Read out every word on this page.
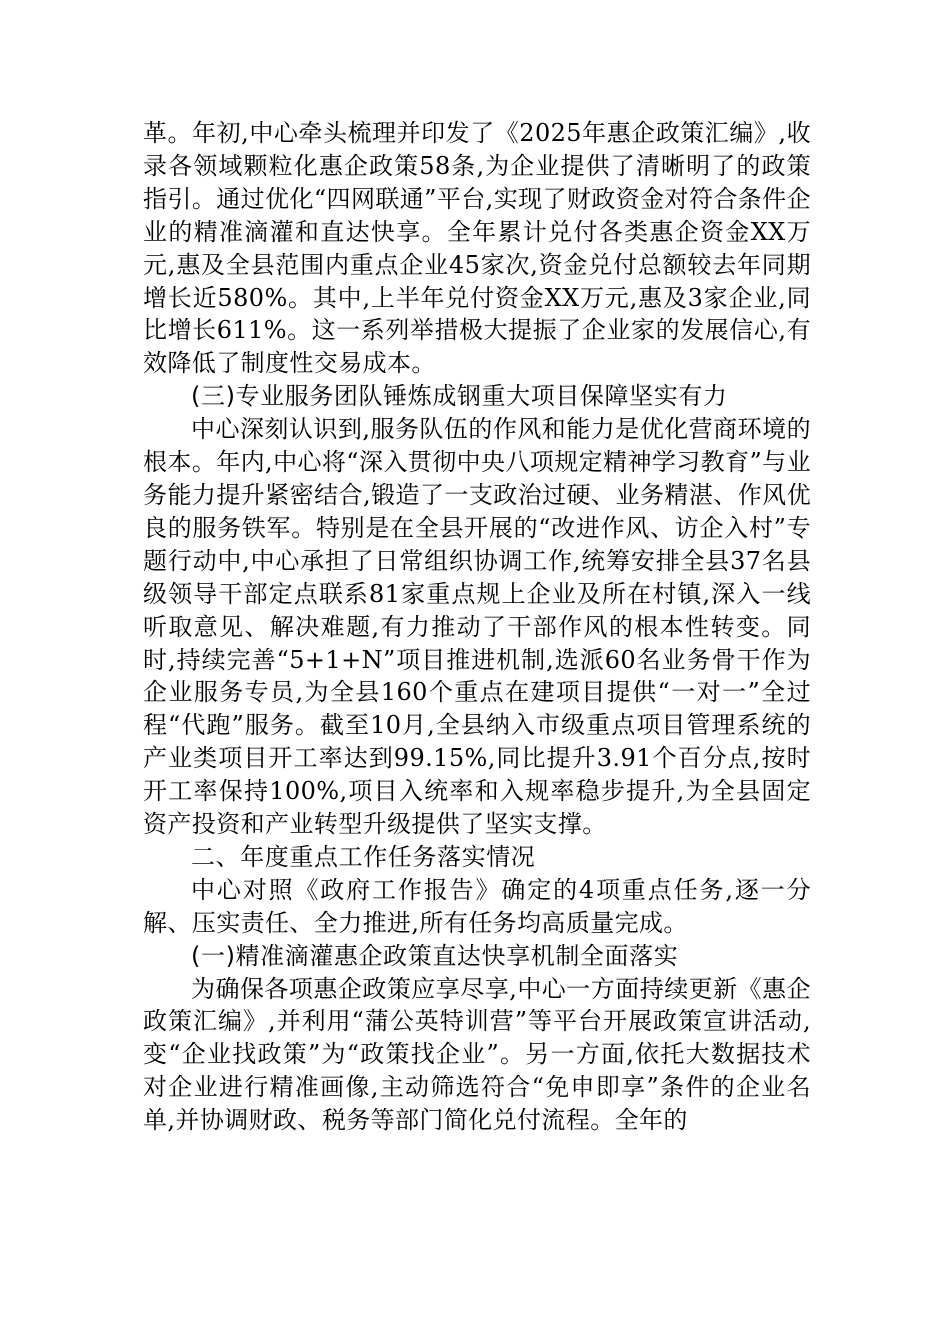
革。年初,中心牵头梳理并印发了《2025年惠企政策汇编》,收录各领域颗粒化惠企政策58条,为企业提供了清晰明了的政策指引。通过优化“四网联通”平台,实现了财政资金对符合条件企业的精准滴灌和直达快享。全年累计兑付各类惠企资金XX万元,惠及全县范围内重点企业45家次,资金兑付总额较去年同期增长近580%。其中,上半年兑付资金XX万元,惠及3家企业,同比增长611%。这一系列举措极大提振了企业家的发展信心,有效降低了制度性交易成本。

(三)专业服务团队锤炼成钢重大项目保障坚实有力

中心深刻认识到,服务队伍的作风和能力是优化营商环境的根本。年内,中心将“深入贯彻中央八项规定精神学习教育”与业务能力提升紧密结合,锻造了一支政治过硬、业务精湛、作风优良的服务铁军。特别是在全县开展的“改进作风、访企入村”专题行动中,中心承担了日常组织协调工作,统筹安排全县37名县级领导干部定点联系81家重点规上企业及所在村镇,深入一线听取意见、解决难题,有力推动了干部作风的根本性转变。同时,持续完善“5+1+N”项目推进机制,选派60名业务骨干作为企业服务专员,为全县160个重点在建项目提供“一对一”全过程“代跑”服务。截至10月,全县纳入市级重点项目管理系统的产业类项目开工率达到99.15%,同比提升3.91个百分点,按时开工率保持100%,项目入统率和入规率稳步提升,为全县固定资产投资和产业转型升级提供了坚实支撑。

二、年度重点工作任务落实情况

中心对照《政府工作报告》确定的4项重点任务,逐一分解、压实责任、全力推进,所有任务均高质量完成。

(一)精准滴灌惠企政策直达快享机制全面落实

为确保各项惠企政策应享尽享,中心一方面持续更新《惠企政策汇编》,并利用“蒲公英特训营”等平台开展政策宣讲活动,变“企业找政策”为“政策找企业”。另一方面,依托大数据技术对企业进行精准画像,主动筛选符合“免申即享”条件的企业名单,并协调财政、税务等部门简化兑付流程。全年的
